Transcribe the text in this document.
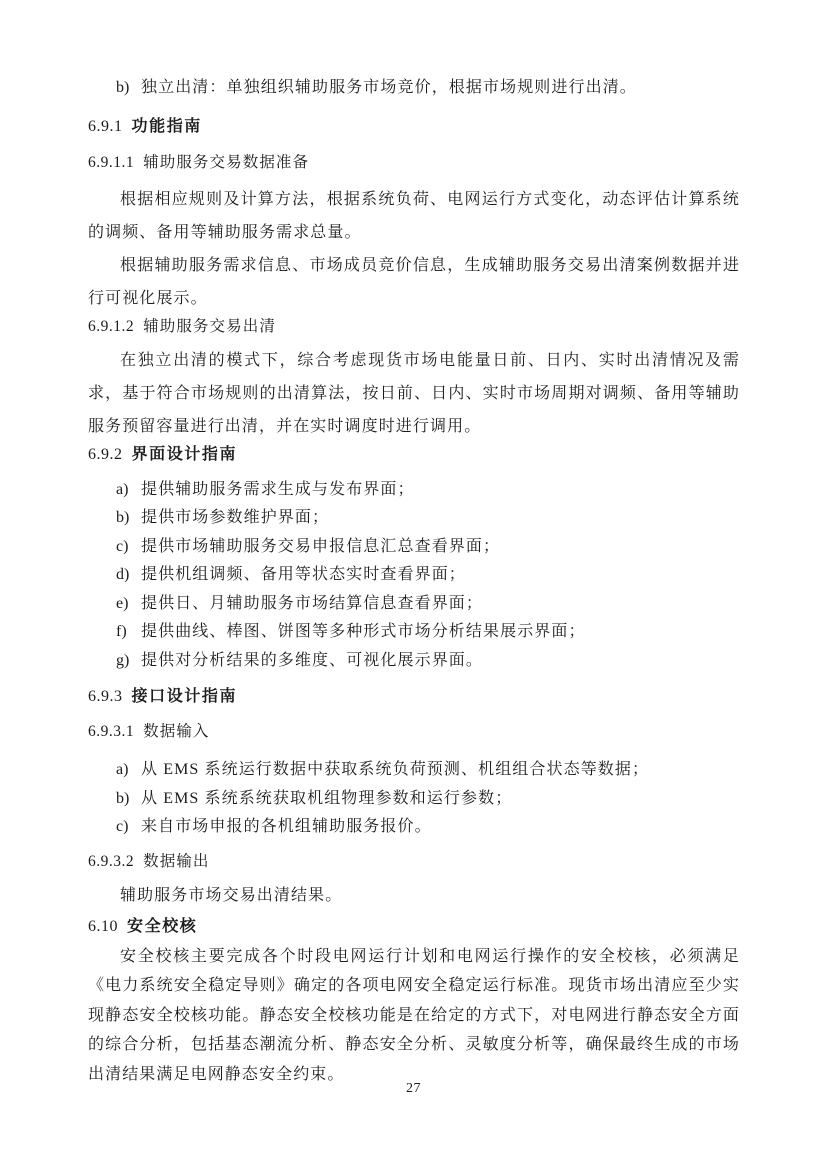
b) 独立出清：单独组织辅助服务市场竞价，根据市场规则进行出清。
6.9.1 功能指南
6.9.1.1 辅助服务交易数据准备

根据相应规则及计算方法，根据系统负荷、电网运行方式变化，动态评估计算系统的调频、备用等辅助服务需求总量。

根据辅助服务需求信息、市场成员竞价信息，生成辅助服务交易出清案例数据并进行可视化展示。

6.9.1.2 辅助服务交易出清

在独立出清的模式下，综合考虑现货市场电能量日前、日内、实时出清情况及需求，基于符合市场规则的出清算法，按日前、日内、实时市场周期对调频、备用等辅助服务预留容量进行出清，并在实时调度时进行调用。

6.9.2 界面设计指南
a) 提供辅助服务需求生成与发布界面；
b) 提供市场参数维护界面；
c) 提供市场辅助服务交易申报信息汇总查看界面；
d) 提供机组调频、备用等状态实时查看界面；
e) 提供日、月辅助服务市场结算信息查看界面；
f) 提供曲线、棒图、饼图等多种形式市场分析结果展示界面；
g) 提供对分析结果的多维度、可视化展示界面。
6.9.3 接口设计指南
6.9.3.1 数据输入
a) 从 EMS 系统运行数据中获取系统负荷预测、机组组合状态等数据；
b) 从 EMS 系统系统获取机组物理参数和运行参数；
c) 来自市场申报的各机组辅助服务报价。
6.9.3.2 数据输出

辅助服务市场交易出清结果。

6.10 安全校核

安全校核主要完成各个时段电网运行计划和电网运行操作的安全校核，必须满足《电力系统安全稳定导则》确定的各项电网安全稳定运行标准。现货市场出清应至少实现静态安全校核功能。静态安全校核功能是在给定的方式下，对电网进行静态安全方面的综合分析，包括基态潮流分析、静态安全分析、灵敏度分析等，确保最终生成的市场出清结果满足电网静态安全约束。

27
